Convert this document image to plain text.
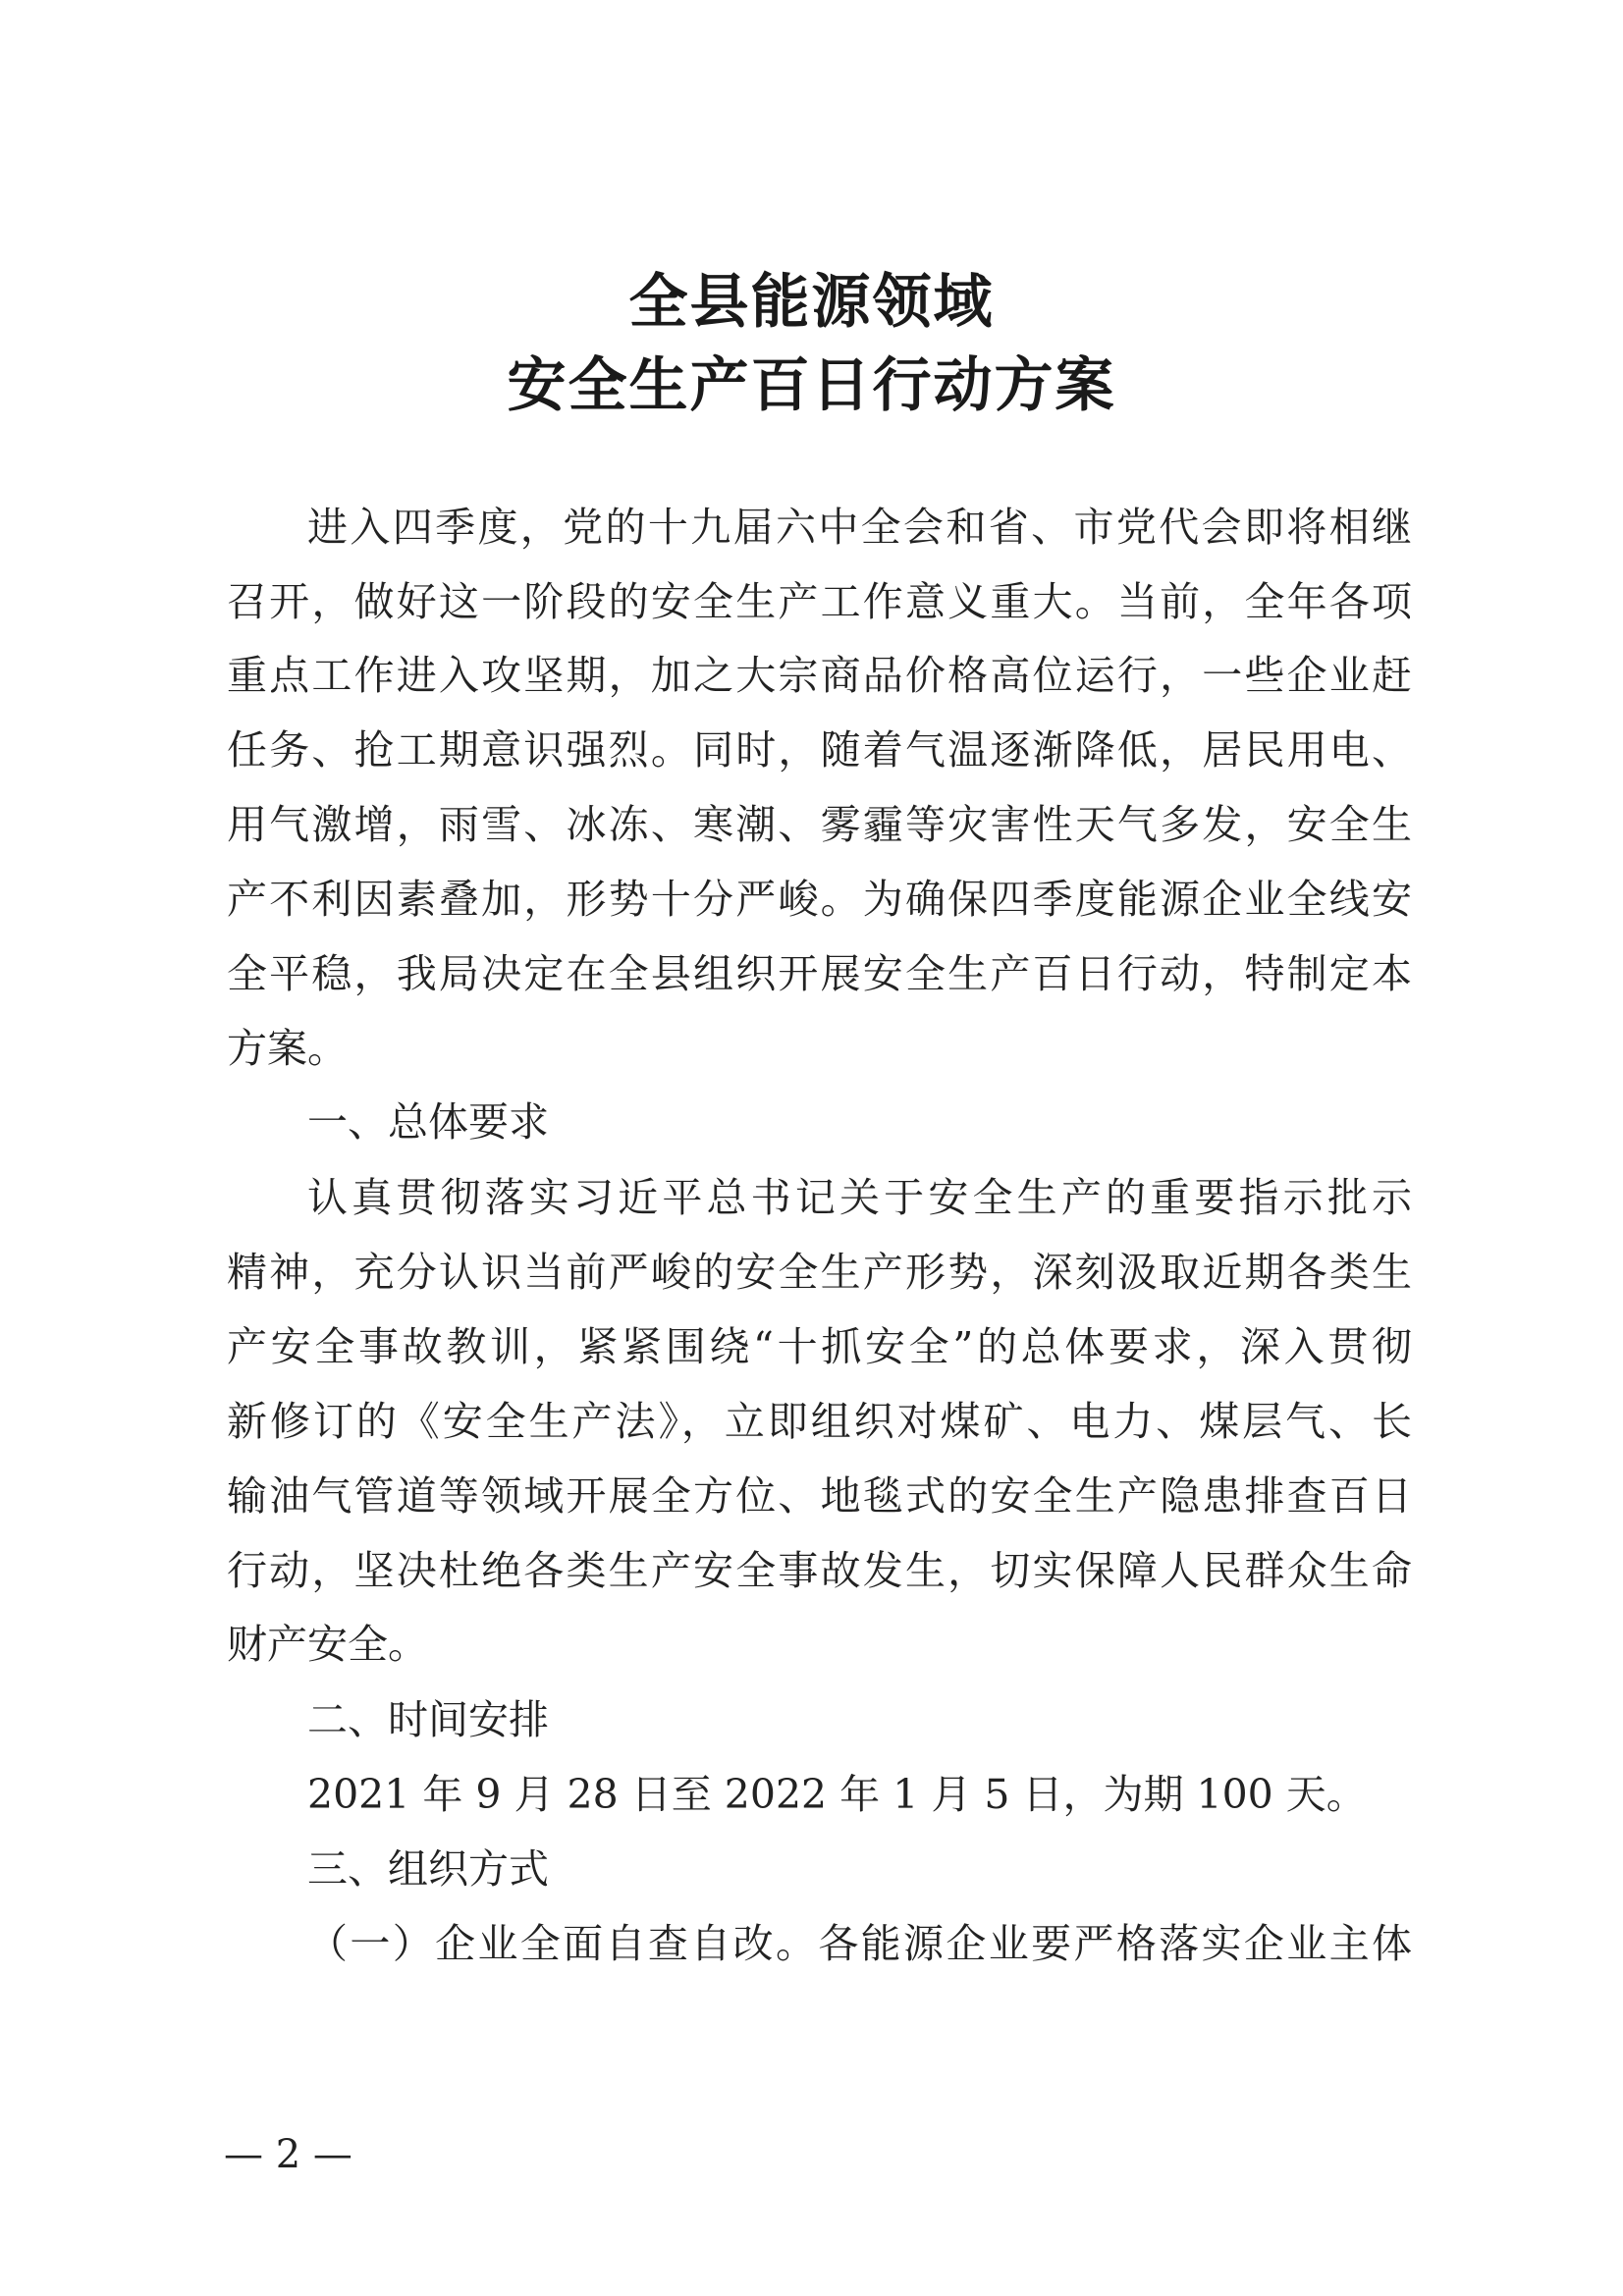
全县能源领域
安全生产百日行动方案
进入四季度，党的十九届六中全会和省、市党代会即将相继
召开，做好这一阶段的安全生产工作意义重大。当前，全年各项
重点工作进入攻坚期，加之大宗商品价格高位运行，一些企业赶
任务、抢工期意识强烈。同时，随着气温逐渐降低，居民用电、
用气激增，雨雪、冰冻、寒潮、雾霾等灾害性天气多发，安全生
产不利因素叠加，形势十分严峻。为确保四季度能源企业全线安
全平稳，我局决定在全县组织开展安全生产百日行动，特制定本
方案。
一、总体要求
认真贯彻落实习近平总书记关于安全生产的重要指示批示
精神，充分认识当前严峻的安全生产形势，深刻汲取近期各类生
产安全事故教训，紧紧围绕“十抓安全”的总体要求，深入贯彻
新修订的《安全生产法》，立即组织对煤矿、电力、煤层气、长
输油气管道等领域开展全方位、地毯式的安全生产隐患排查百日
行动，坚决杜绝各类生产安全事故发生，切实保障人民群众生命
财产安全。
二、时间安排
2021 年 9 月 28 日至 2022 年 1 月 5 日，为期 100 天。
三、组织方式
（一）企业全面自查自改。各能源企业要严格落实企业主体
— 2 —
